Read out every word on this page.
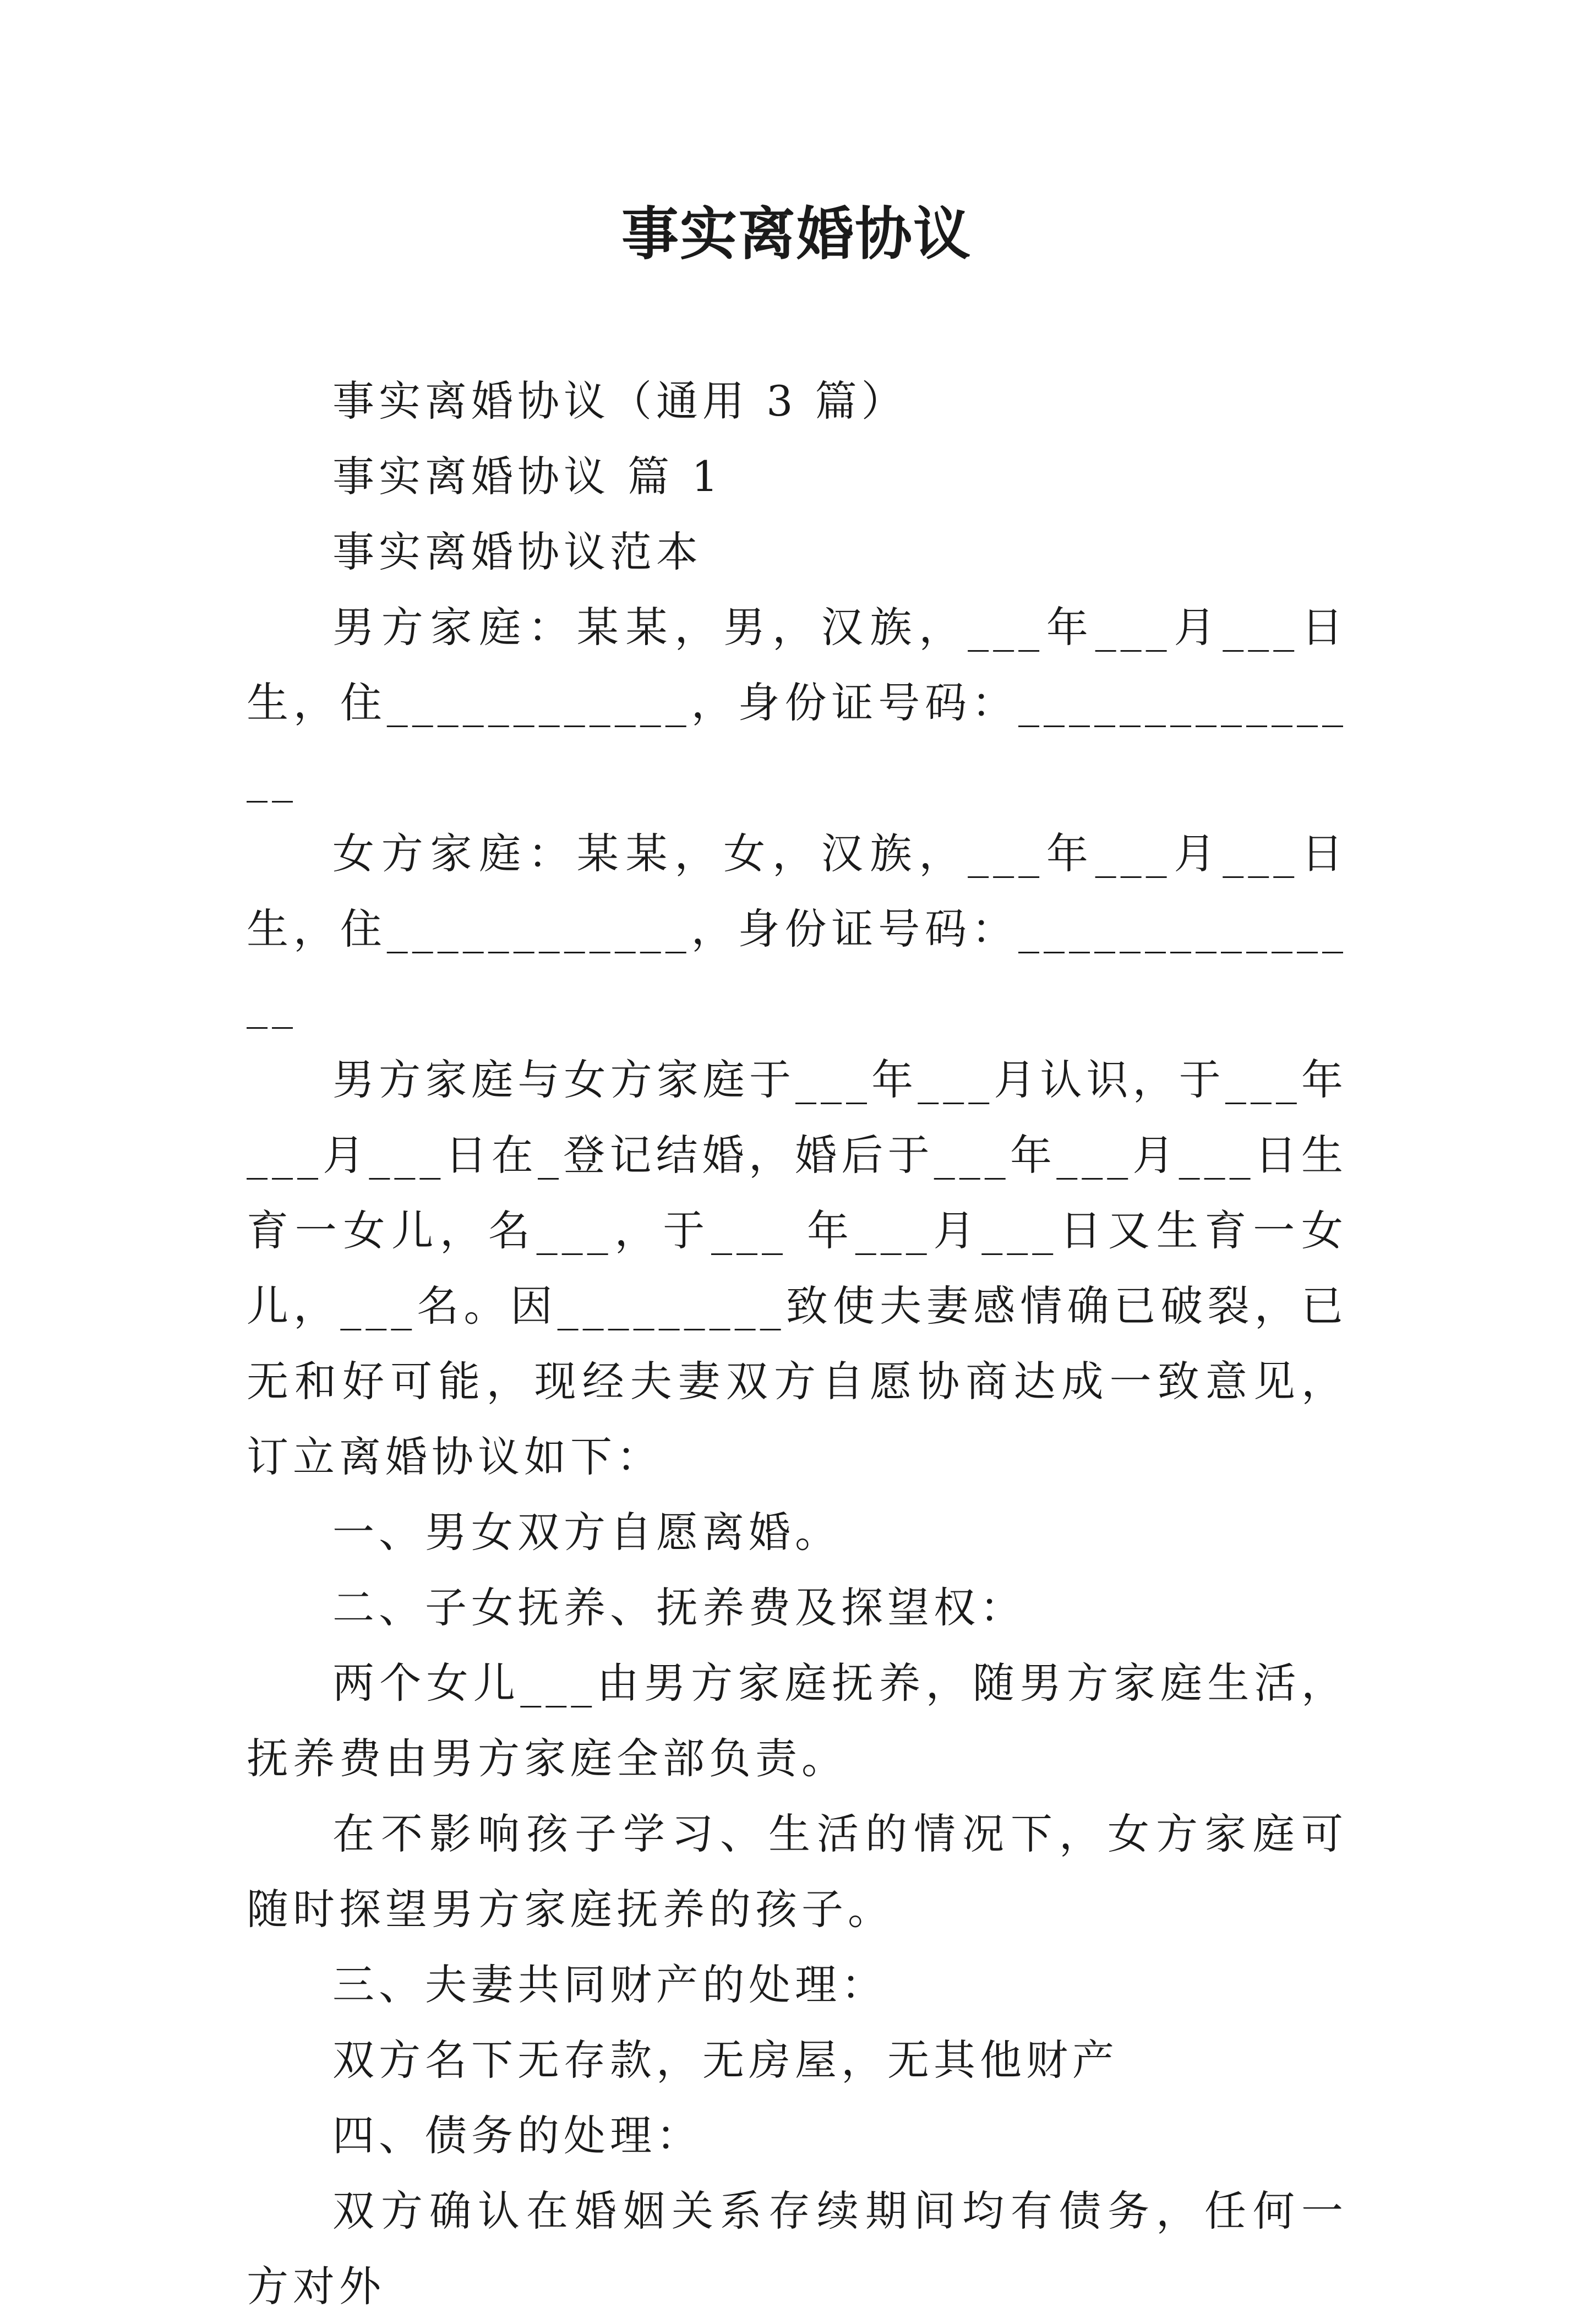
事实离婚协议

事实离婚协议（通用 3 篇）

事实离婚协议 篇 1

事实离婚协议范本

男方家庭：某某，男，汉族，___年___月___日生，住____________，身份证号码：_______________

女方家庭：某某，女，汉族，___年___月___日生，住____________，身份证号码：_______________

男方家庭与女方家庭于___年___月认识，于___年___月___日在_登记结婚，婚后于___年___月___日生育一女儿，名___，于___ 年___月___日又生育一女儿，___名。因_________致使夫妻感情确已破裂，已无和好可能，现经夫妻双方自愿协商达成一致意见，订立离婚协议如下：

一、男女双方自愿离婚。

二、子女抚养、抚养费及探望权：

两个女儿___由男方家庭抚养，随男方家庭生活，抚养费由男方家庭全部负责。

在不影响孩子学习、生活的情况下，女方家庭可随时探望男方家庭抚养的孩子。

三、夫妻共同财产的处理：

双方名下无存款，无房屋，无其他财产

四、债务的处理：

双方确认在婚姻关系存续期间均有债务，任何一方对外
